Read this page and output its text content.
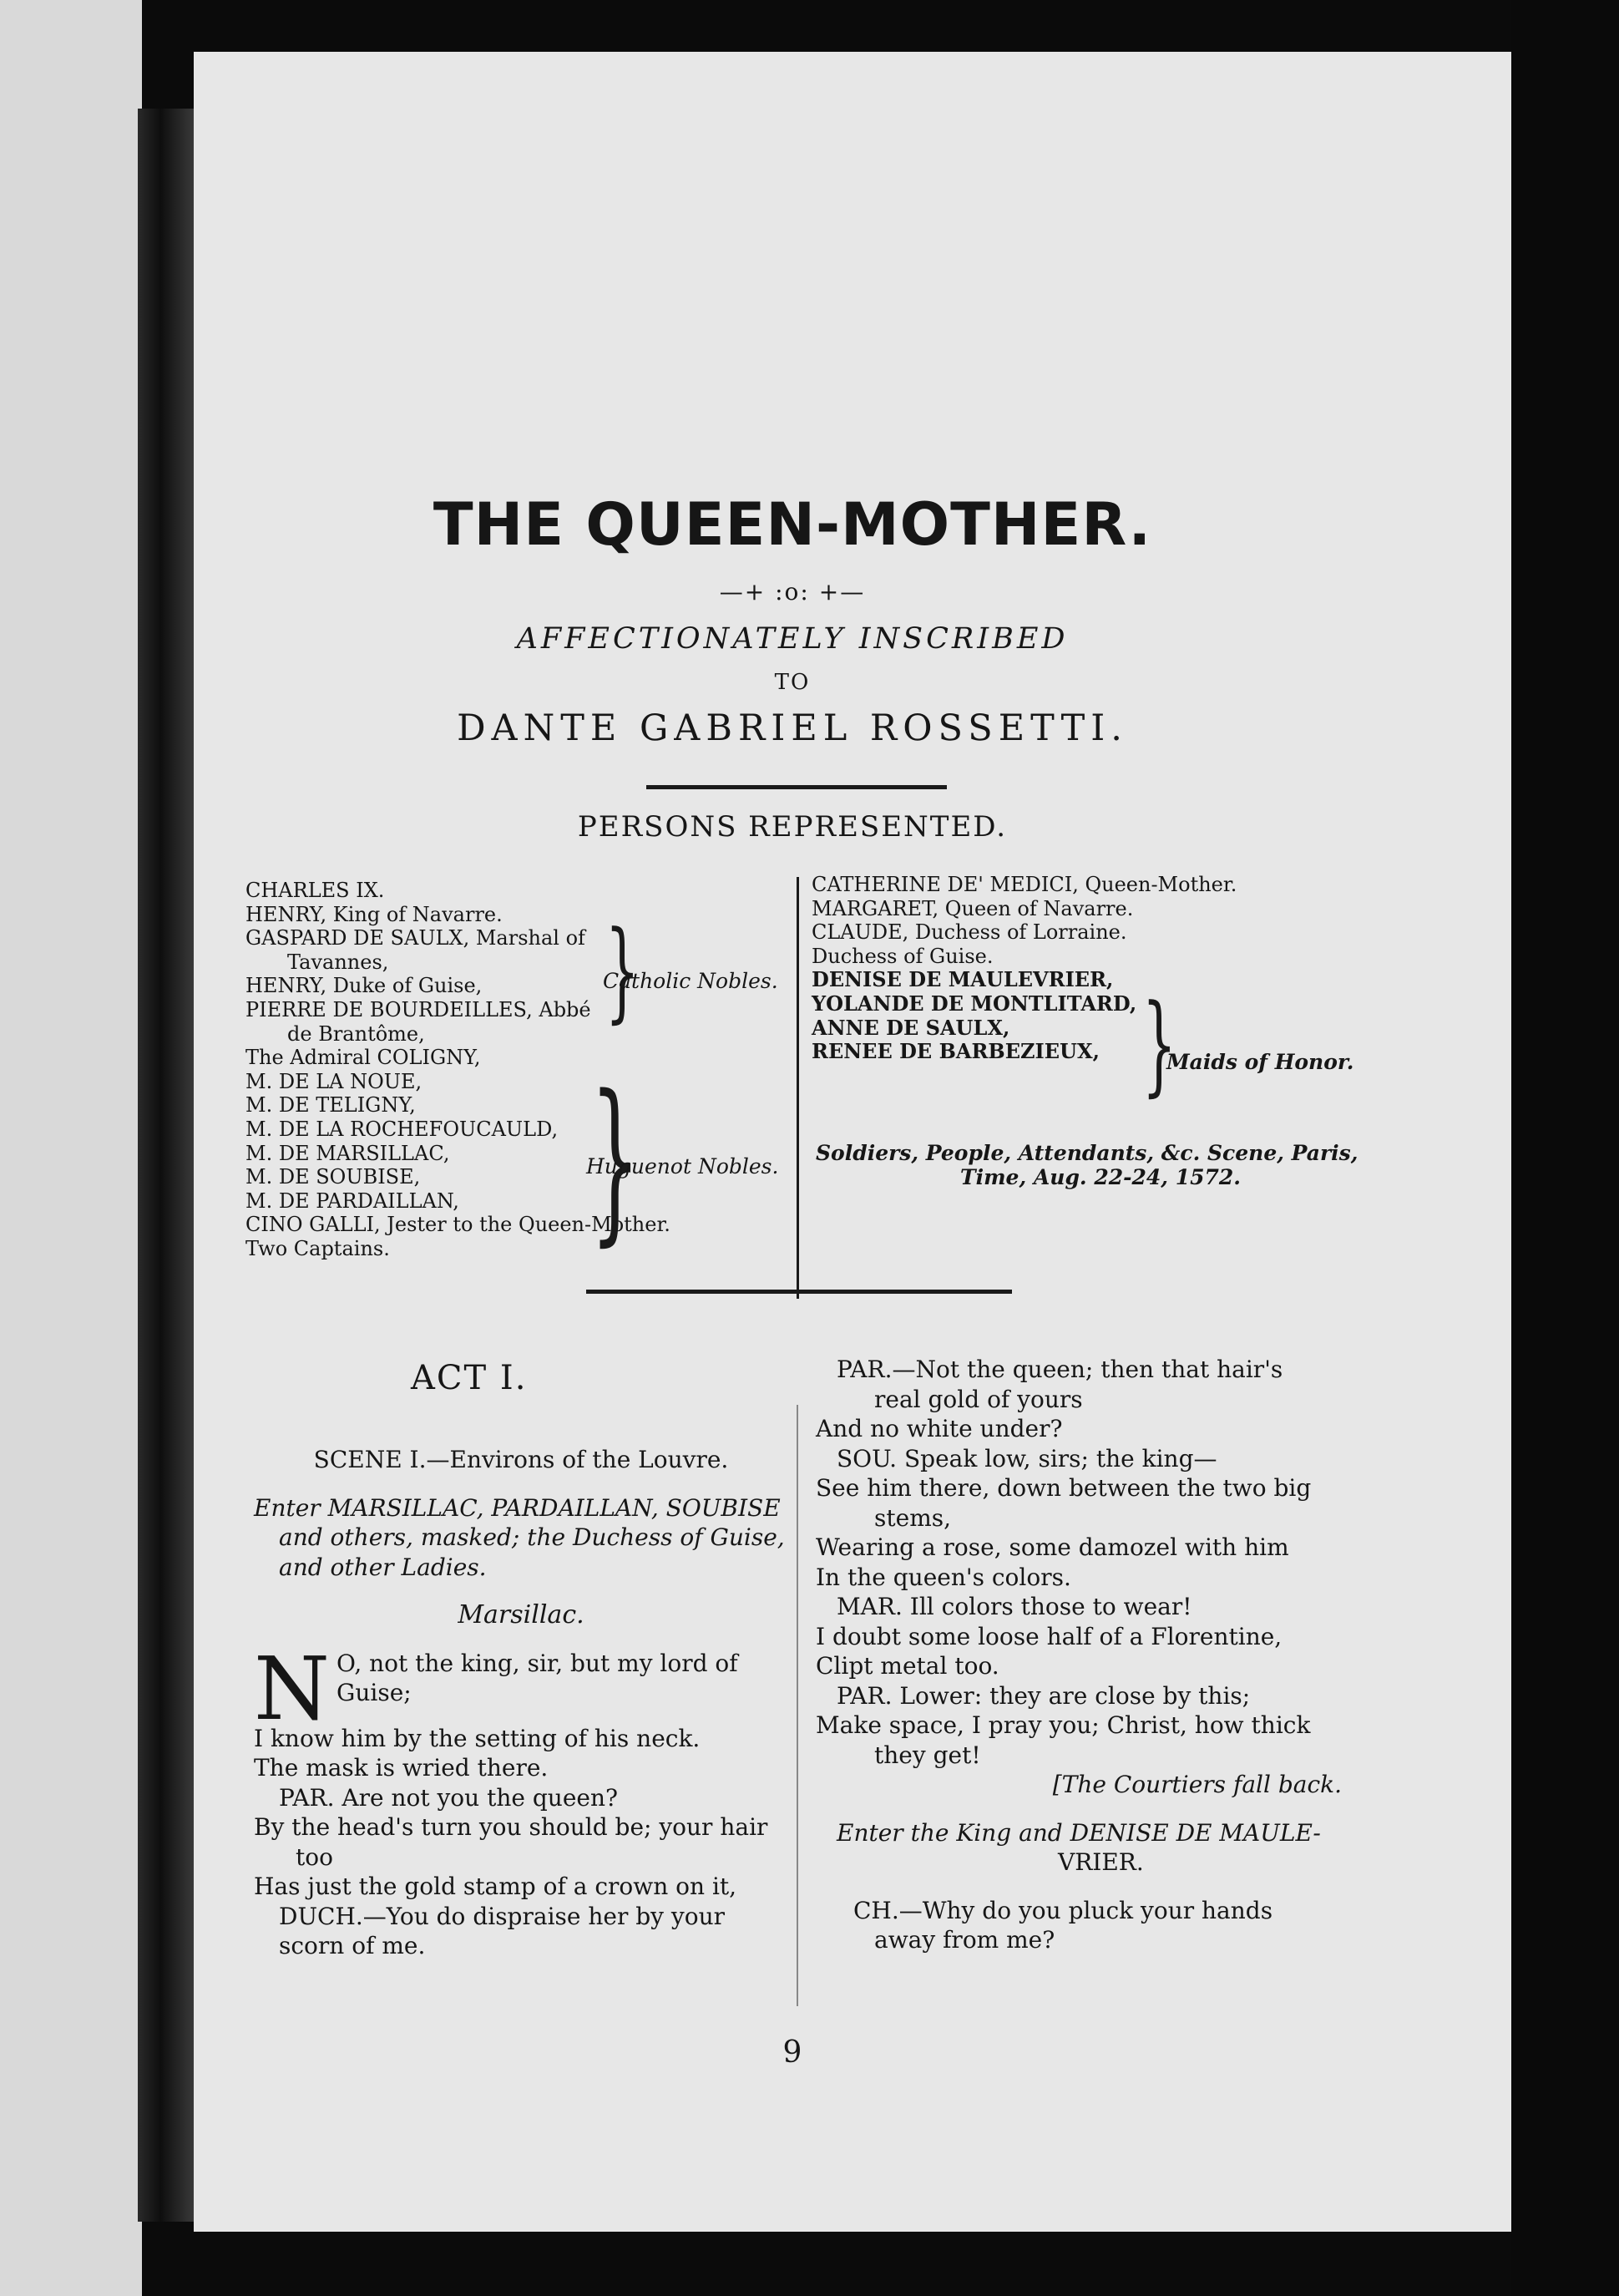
THE QUEEN-MOTHER.
—+ :o: +—
AFFECTIONATELY INSCRIBED
TO
DANTE GABRIEL ROSSETTI.
PERSONS REPRESENTED.
CHARLES IX.
HENRY, King of Navarre.
GASPARD DE SAULX, Marshal of
Tavannes,
HENRY, Duke of Guise,
PIERRE DE BOURDEILLES, Abbé
de Brantôme,
The Admiral COLIGNY,
M. DE LA NOUE,
M. DE TELIGNY,
M. DE LA ROCHEFOUCAULD,
M. DE MARSILLAC,
M. DE SOUBISE,
M. DE PARDAILLAN,
CINO GALLI, Jester to the Queen-Mother.
Two Captains.
}
Catholic Nobles.
}
Huguenot Nobles.
CATHERINE DE' MEDICI, Queen-Mother.
MARGARET, Queen of Navarre.
CLAUDE, Duchess of Lorraine.
Duchess of Guise.
DENISE DE MAULEVRIER,
YOLANDE DE MONTLITARD,
ANNE DE SAULX,
RENEE DE BARBEZIEUX, }
Maids of Honor.
Soldiers, People, Attendants, &c. Scene, Paris,
Time, Aug. 22-24, 1572.
ACT I.
SCENE I.—Environs of the Louvre.
Enter MARSILLAC, PARDAILLAN, SOUBISE
and others, masked; the Duchess of Guise,
and other Ladies.
Marsillac.
N O, not the king, sir, but my lord of
Guise;
I know him by the setting of his neck.
The mask is wried there.
PAR. Are not you the queen?
By the head's turn you should be; your hair
too
Has just the gold stamp of a crown on it,
DUCH.—You do dispraise her by your
scorn of me.
PAR.—Not the queen; then that hair's
real gold of yours
And no white under?
SOU. Speak low, sirs; the king—
See him there, down between the two big
stems,
Wearing a rose, some damozel with him
In the queen's colors.
MAR. Ill colors those to wear!
I doubt some loose half of a Florentine,
Clipt metal too.
PAR. Lower: they are close by this;
Make space, I pray you; Christ, how thick
they get!
[The Courtiers fall back.
Enter the King and DENISE DE MAULE-
VRIER.
CH.—Why do you pluck your hands
away from me?
9
